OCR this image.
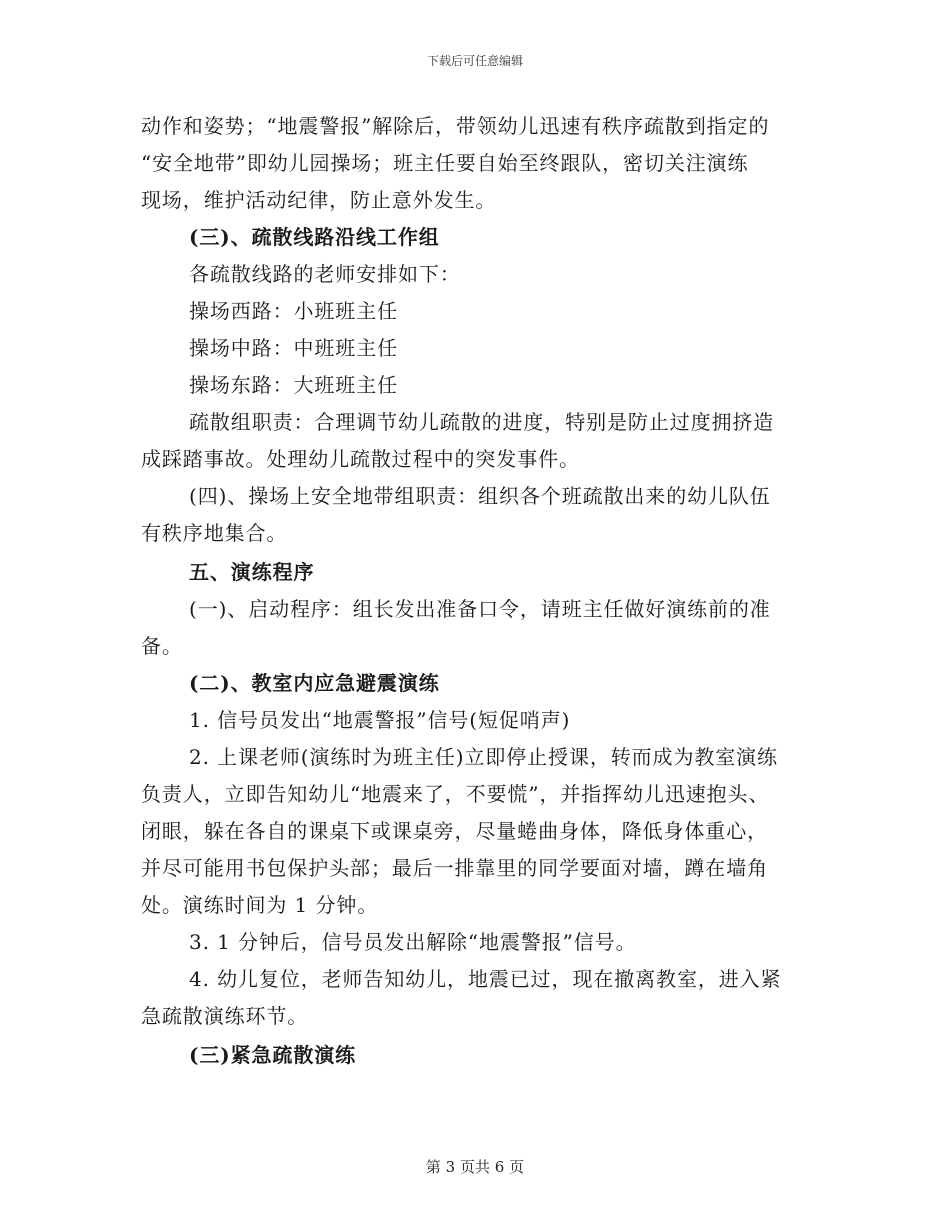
下载后可任意编辑
动作和姿势；“地震警报”解除后，带领幼儿迅速有秩序疏散到指定的
“安全地带”即幼儿园操场；班主任要自始至终跟队，密切关注演练
现场，维护活动纪律，防止意外发生。
(三)、疏散线路沿线工作组
各疏散线路的老师安排如下：
操场西路：小班班主任
操场中路：中班班主任
操场东路：大班班主任
疏散组职责：合理调节幼儿疏散的进度，特别是防止过度拥挤造
成踩踏事故。处理幼儿疏散过程中的突发事件。
(四)、操场上安全地带组职责：组织各个班疏散出来的幼儿队伍
有秩序地集合。
五、演练程序
(一)、启动程序：组长发出准备口令，请班主任做好演练前的准
备。
(二)、教室内应急避震演练
1. 信号员发出“地震警报”信号(短促哨声)
2. 上课老师(演练时为班主任)立即停止授课，转而成为教室演练
负责人，立即告知幼儿“地震来了，不要慌”，并指挥幼儿迅速抱头、
闭眼，躲在各自的课桌下或课桌旁，尽量蜷曲身体，降低身体重心，
并尽可能用书包保护头部；最后一排靠里的同学要面对墙，蹲在墙角
处。演练时间为 1 分钟。
3. 1 分钟后，信号员发出解除“地震警报”信号。
4. 幼儿复位，老师告知幼儿，地震已过，现在撤离教室，进入紧
急疏散演练环节。
(三)紧急疏散演练
第 3 页共 6 页
